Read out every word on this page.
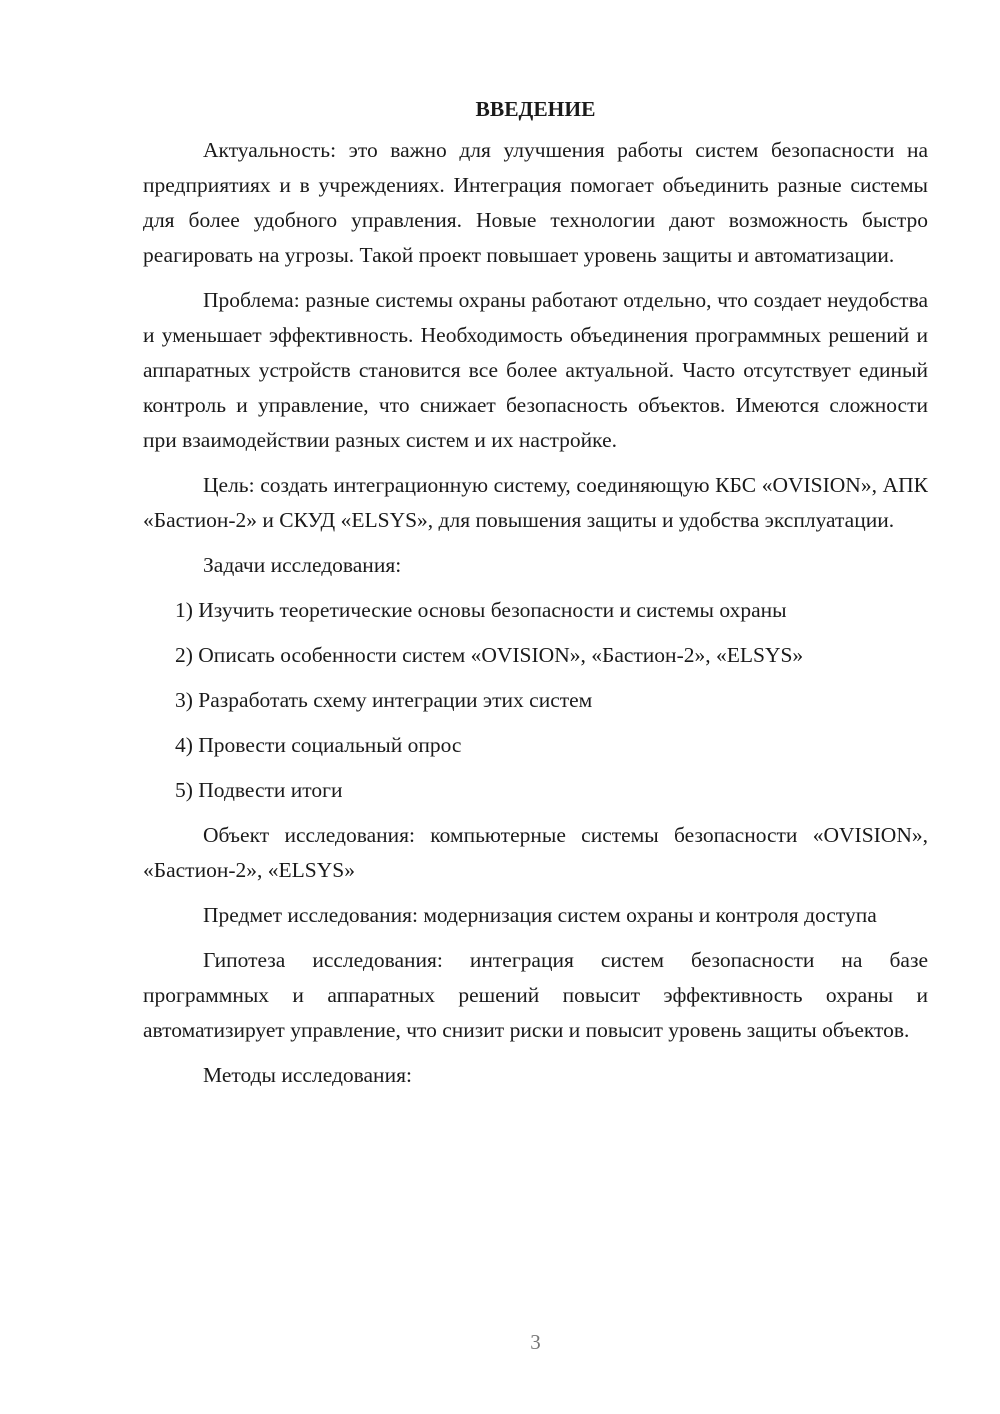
ВВЕДЕНИЕ

Актуальность: это важно для улучшения работы систем безопасности на предприятиях и в учреждениях. Интеграция помогает объединить разные системы для более удобного управления. Новые технологии дают возможность быстро реагировать на угрозы. Такой проект повышает уровень защиты и автоматизации.

Проблема: разные системы охраны работают отдельно, что создает неудобства и уменьшает эффективность. Необходимость объединения программных решений и аппаратных устройств становится все более актуальной. Часто отсутствует единый контроль и управление, что снижает безопасность объектов. Имеются сложности при взаимодействии разных систем и их настройке.

Цель: создать интеграционную систему, соединяющую КБС «OVISION», АПК «Бастион-2» и СКУД «ELSYS», для повышения защиты и удобства эксплуатации.

Задачи исследования:

1) Изучить теоретические основы безопасности и системы охраны
2) Описать особенности систем «OVISION», «Бастион-2», «ELSYS»
3) Разработать схему интеграции этих систем
4) Провести социальный опрос
5) Подвести итоги

Объект исследования: компьютерные системы безопасности «OVISION», «Бастион-2», «ELSYS»

Предмет исследования: модернизация систем охраны и контроля доступа

Гипотеза исследования: интеграция систем безопасности на базе программных и аппаратных решений повысит эффективность охраны и автоматизирует управление, что снизит риски и повысит уровень защиты объектов.

Методы исследования:

3
